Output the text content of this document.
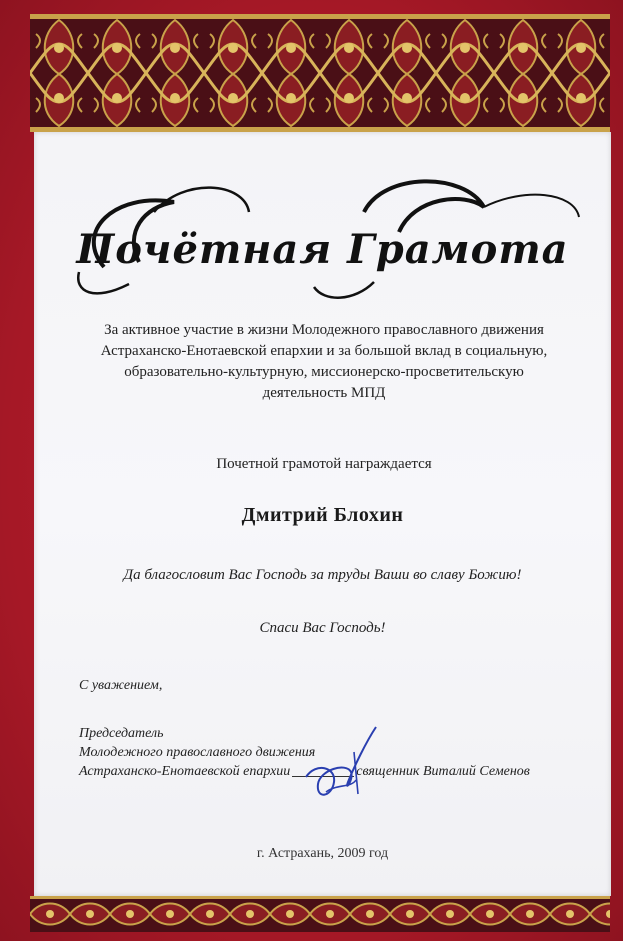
Почётная Грамота
За активное участие в жизни Молодежного православного движения Астраханско-Енотаевской епархии и за большой вклад в социальную, образовательно-культурную, миссионерско-просветительскую деятельность МПД
Почетной грамотой награждается
Дмитрий Блохин
Да благословит Вас Господь за труды Ваши во славу Божию!
Спаси Вас Господь!
С уважением,
Председатель
Молодежного православного движения
Астраханско-Енотаевской епархии	священник Виталий Семенов
г. Астрахань, 2009 год
